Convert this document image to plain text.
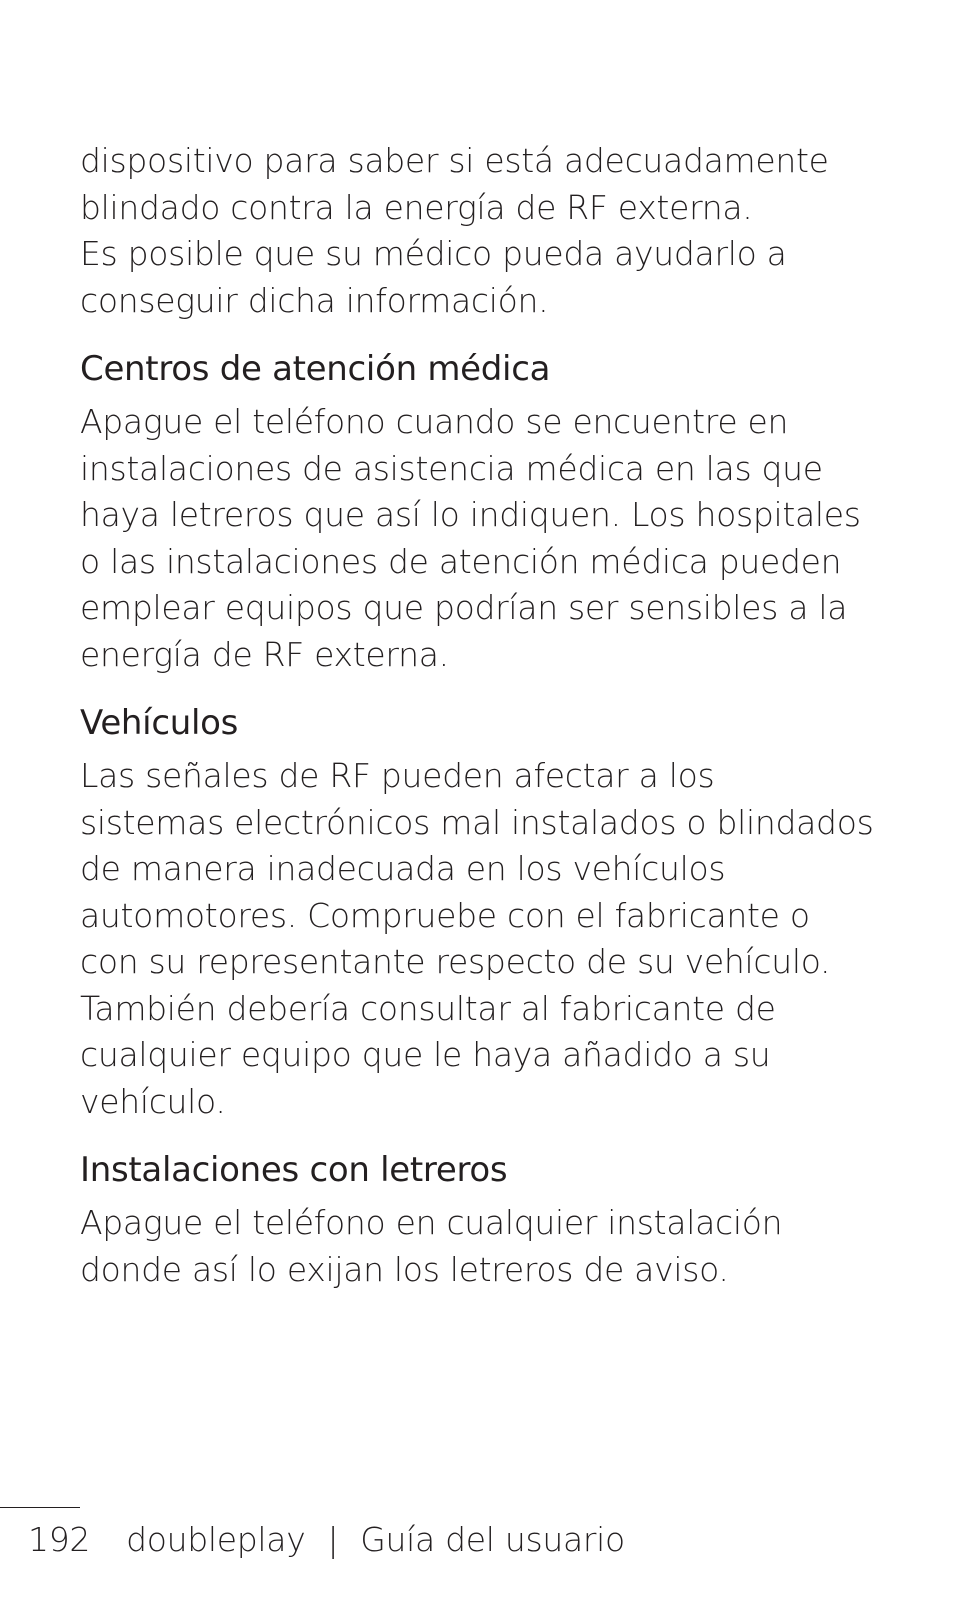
dispositivo para saber si está adecuadamente
blindado contra la energía de RF externa.
Es posible que su médico pueda ayudarlo a
conseguir dicha información.

Centros de atención médica

Apague el teléfono cuando se encuentre en
instalaciones de asistencia médica en las que
haya letreros que así lo indiquen. Los hospitales
o las instalaciones de atención médica pueden
emplear equipos que podrían ser sensibles a la
energía de RF externa.

Vehículos

Las señales de RF pueden afectar a los
sistemas electrónicos mal instalados o blindados
de manera inadecuada en los vehículos
automotores. Compruebe con el fabricante o
con su representante respecto de su vehículo.
También debería consultar al fabricante de
cualquier equipo que le haya añadido a su
vehículo.

Instalaciones con letreros

Apague el teléfono en cualquier instalación
donde así lo exijan los letreros de aviso.

192 doubleplay | Guía del usuario
